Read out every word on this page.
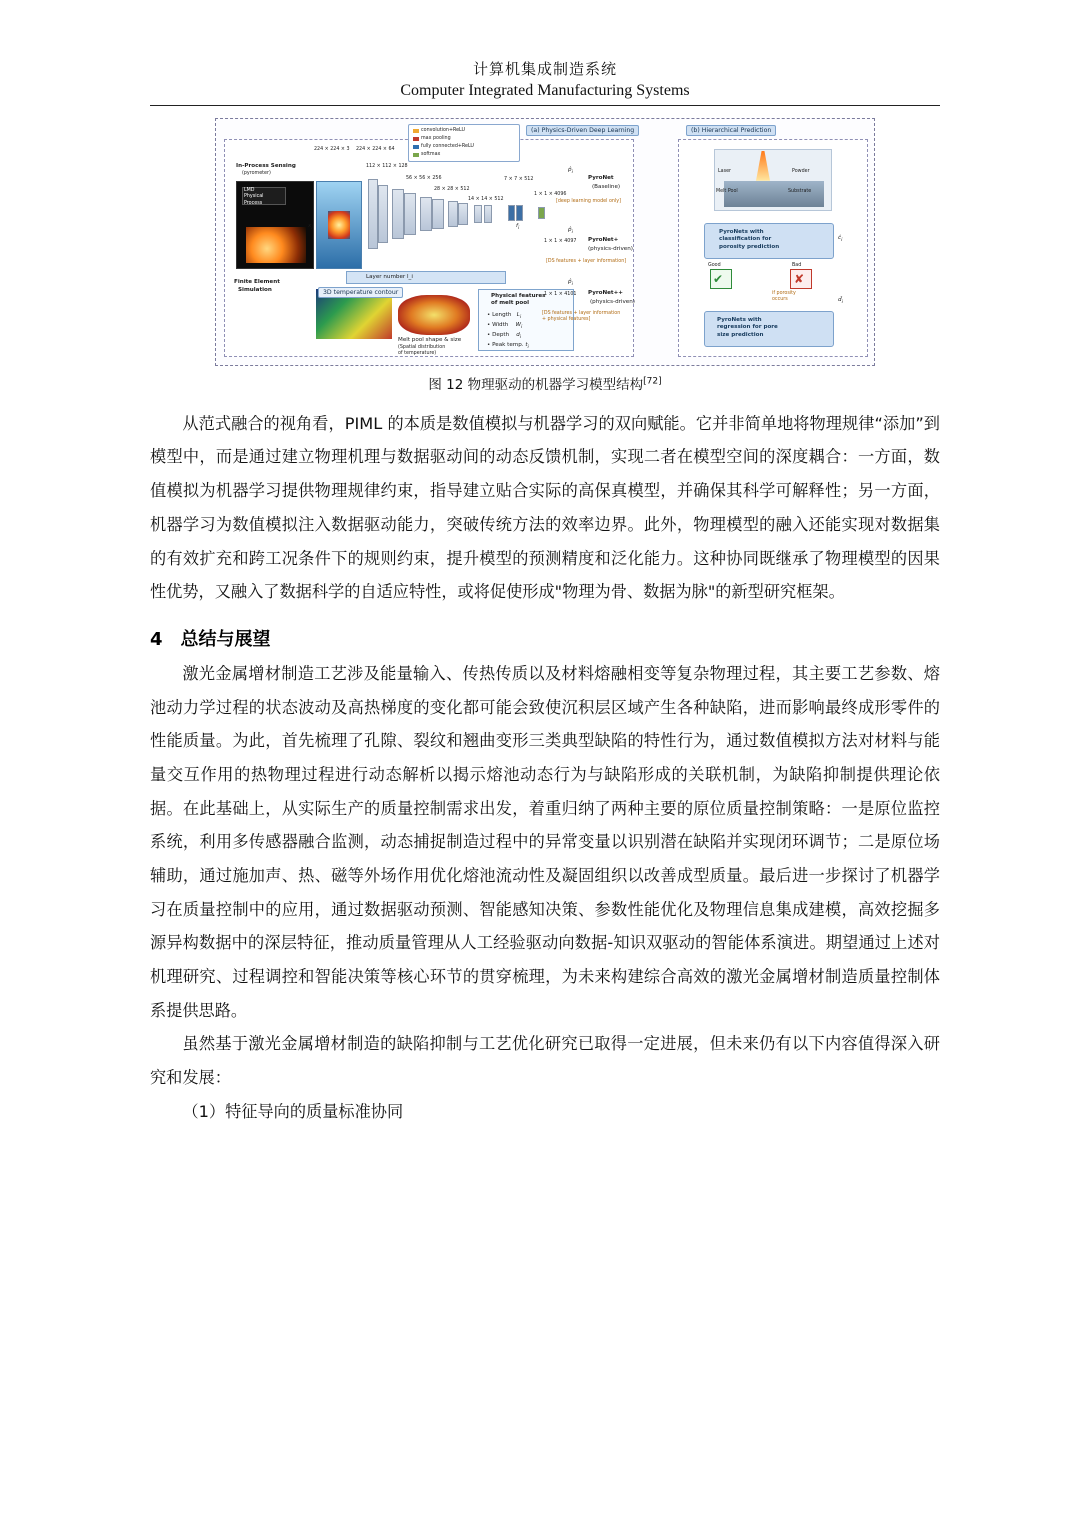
计算机集成制造系统
Computer Integrated Manufacturing Systems
convolution+ReLU
max pooling
fully connected+ReLU
softmax
(a) Physics-Driven Deep Learning	(b) Hierarchical Prediction
In-Process Sensing
(pyrometer)
LMD
Physical
Process
Finite Element
Simulation
$x_i$
224 × 224 × 3 224 × 224 × 64
112 × 112 × 128
56 × 56 × 256
28 × 28 × 512
14 × 14 × 512
7 × 7 × 512
1 × 1 × 4096
$f_i$
Layer number l_i
3D temperature contour
Melt pool shape & size
(Spatial distribution
of temperature)
Physical features
of melt pool
• Length   $L_i$
• Width    $W_i$
• Depth    $d_i$
• Peak temp. $t_i$
$p̂_i$
PyroNet
(Baseline)
[deep learning model only]
$p̂_i$
1 × 1 × 4097 PyroNet+
(physics-driven)
[DS features + layer information]
$p̂_i$
1 × 1 × 4101 PyroNet++
(physics-driven)
[DS features + layer information
+ physical features]
Laser	Powder
Melt Pool	Substrate
PyroNets with
classification for
porosity prediction
$ĉ_i$
✔
Good
✘
Bad
if porosity
occurs
PyroNets with
regression for pore
size prediction
$d̂_i$
图 12 物理驱动的机器学习模型结构[72]

从范式融合的视角看，PIML 的本质是数值模拟与机器学习的双向赋能。它并非简单地将物理规律“添加”到模型中，而是通过建立物理机理与数据驱动间的动态反馈机制，实现二者在模型空间的深度耦合：一方面，数值模拟为机器学习提供物理规律约束，指导建立贴合实际的高保真模型，并确保其科学可解释性；另一方面，机器学习为数值模拟注入数据驱动能力，突破传统方法的效率边界。此外，物理模型的融入还能实现对数据集的有效扩充和跨工况条件下的规则约束，提升模型的预测精度和泛化能力。这种协同既继承了物理模型的因果性优势，又融入了数据科学的自适应特性，或将促使形成"物理为骨、数据为脉"的新型研究框架。

4 总结与展望

激光金属增材制造工艺涉及能量输入、传热传质以及材料熔融相变等复杂物理过程，其主要工艺参数、熔池动力学过程的状态波动及高热梯度的变化都可能会致使沉积层区域产生各种缺陷，进而影响最终成形零件的性能质量。为此，首先梳理了孔隙、裂纹和翘曲变形三类典型缺陷的特性行为，通过数值模拟方法对材料与能量交互作用的热物理过程进行动态解析以揭示熔池动态行为与缺陷形成的关联机制，为缺陷抑制提供理论依据。在此基础上，从实际生产的质量控制需求出发，着重归纳了两种主要的原位质量控制策略：一是原位监控系统，利用多传感器融合监测，动态捕捉制造过程中的异常变量以识别潜在缺陷并实现闭环调节；二是原位场辅助，通过施加声、热、磁等外场作用优化熔池流动性及凝固组织以改善成型质量。最后进一步探讨了机器学习在质量控制中的应用，通过数据驱动预测、智能感知决策、参数性能优化及物理信息集成建模，高效挖掘多源异构数据中的深层特征，推动质量管理从人工经验驱动向数据-知识双驱动的智能体系演进。期望通过上述对机理研究、过程调控和智能决策等核心环节的贯穿梳理，为未来构建综合高效的激光金属增材制造质量控制体系提供思路。

虽然基于激光金属增材制造的缺陷抑制与工艺优化研究已取得一定进展，但未来仍有以下内容值得深入研究和发展：

（1）特征导向的质量标准协同
